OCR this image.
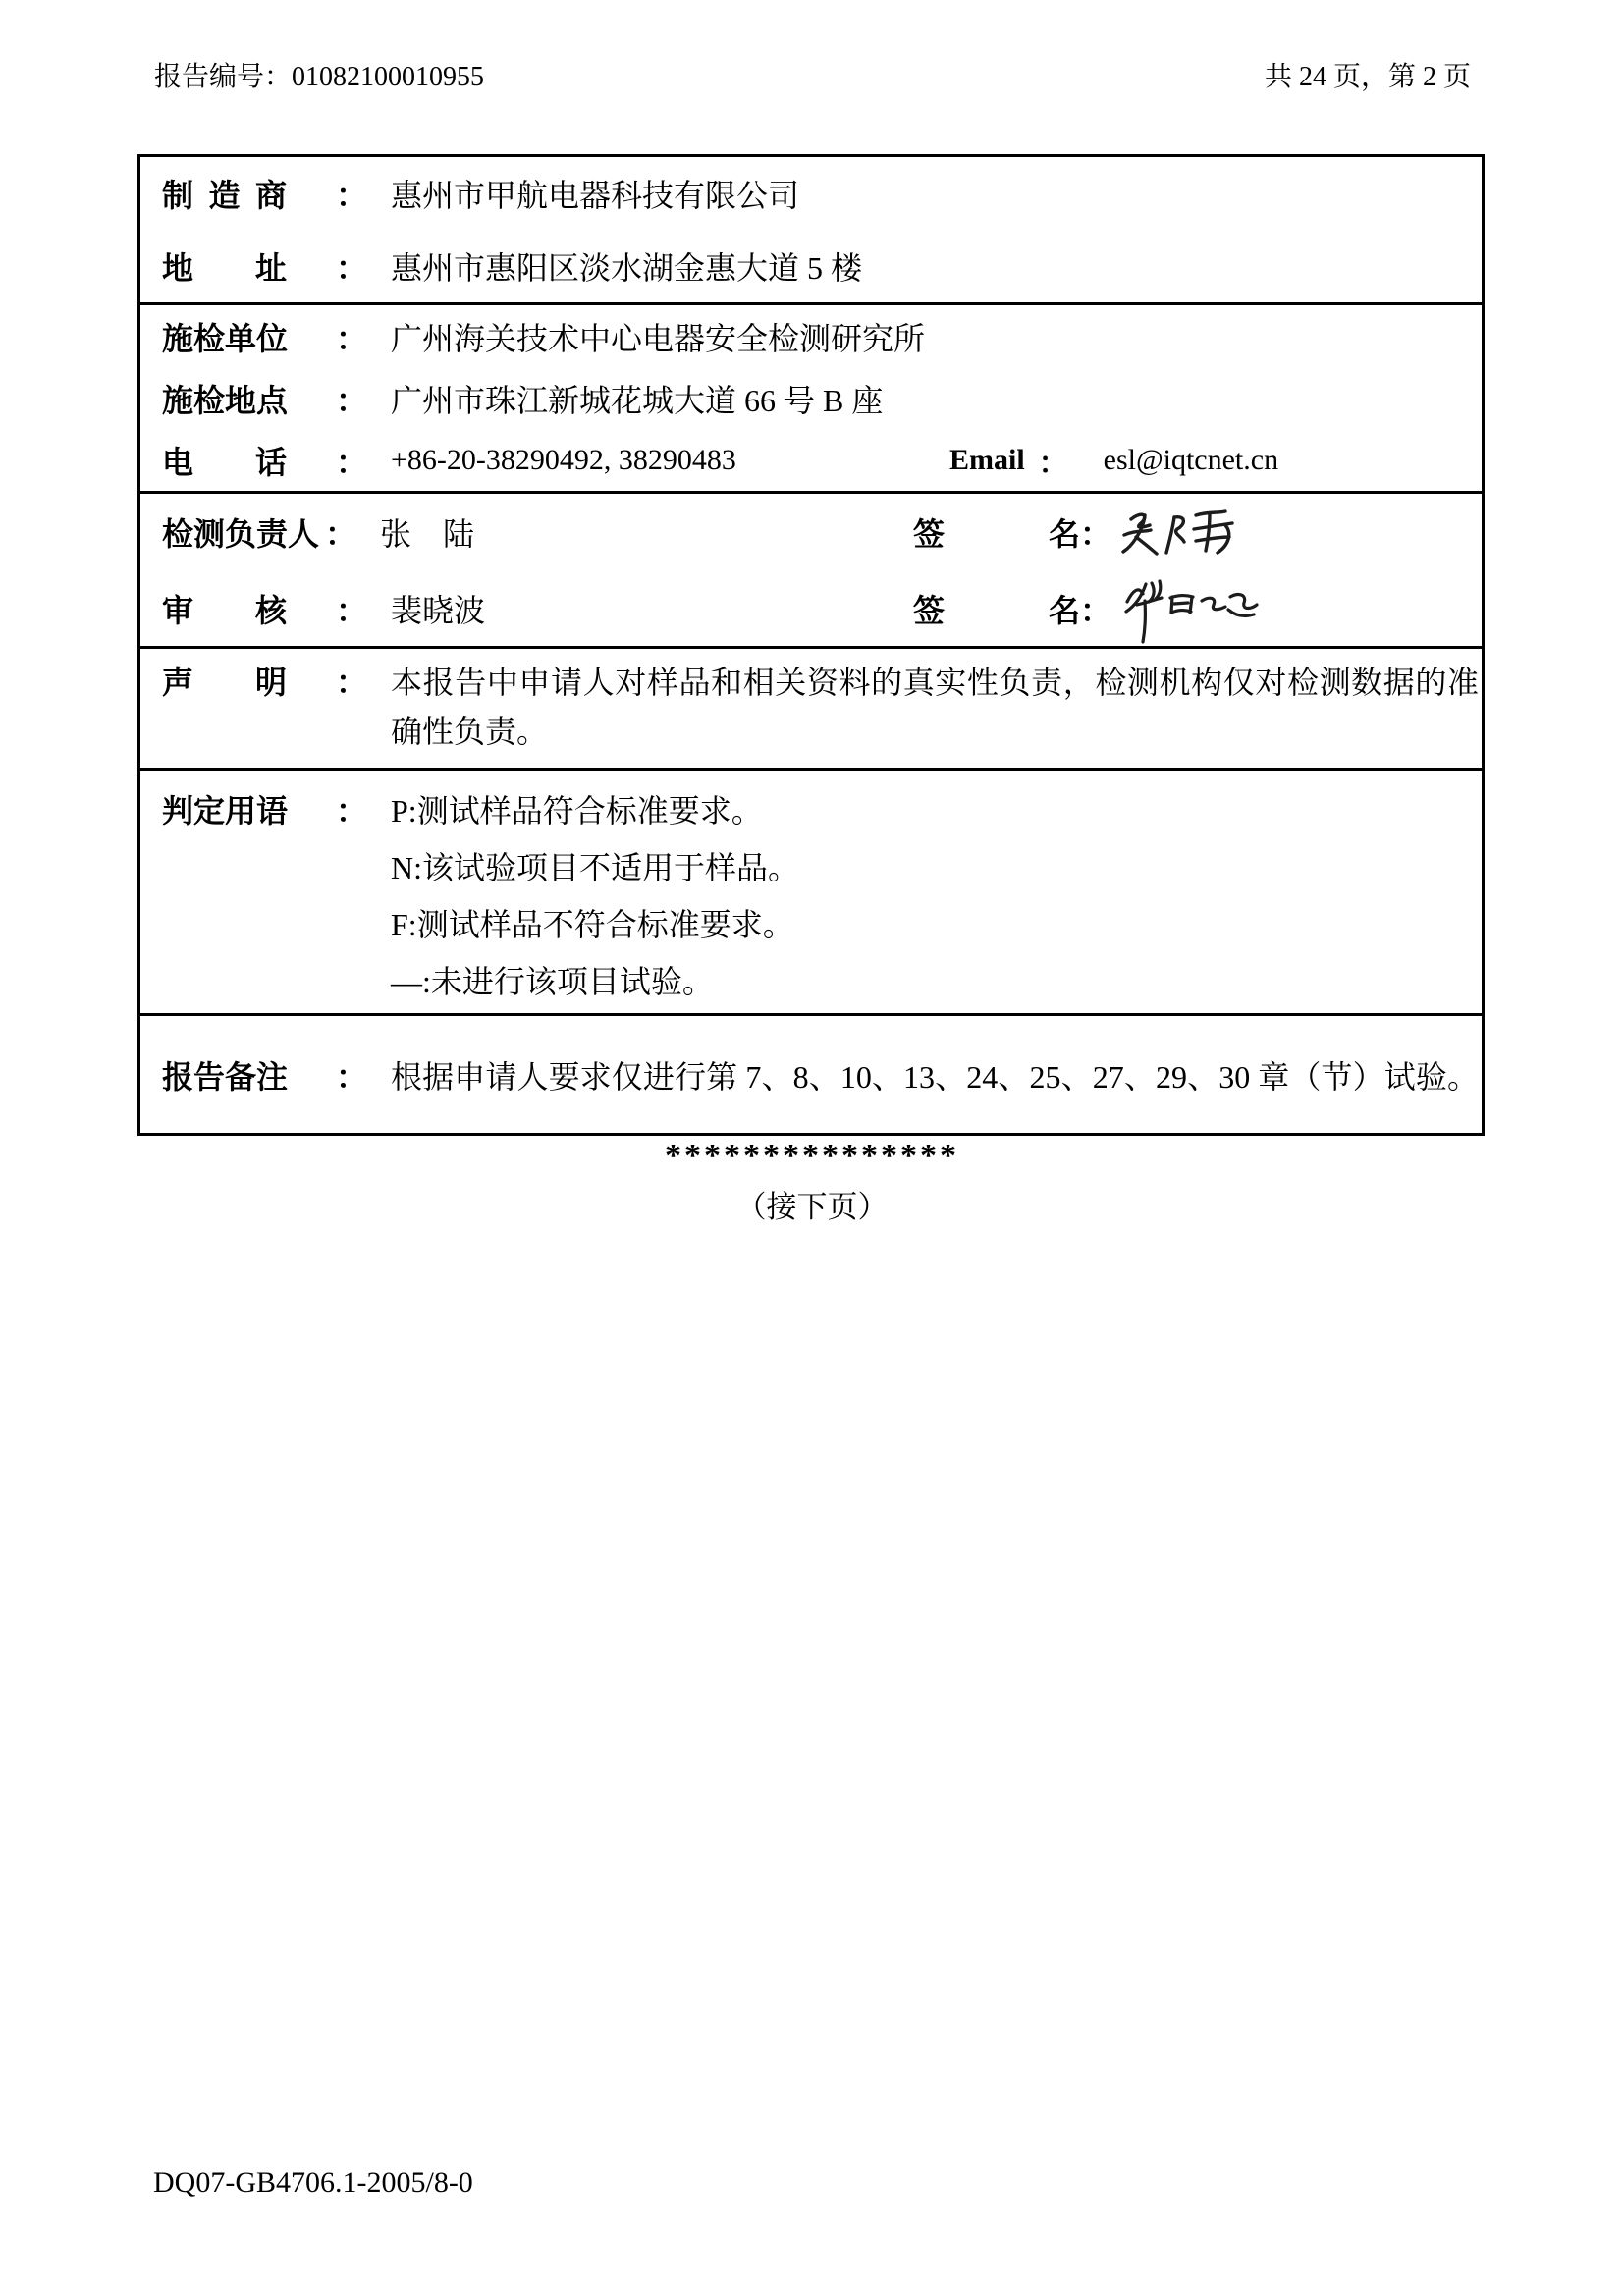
报告编号：01082100010955	共 24 页，第 2 页
制造商 ： 惠州市甲航电器科技有限公司
地址 ： 惠州市惠阳区淡水湖金惠大道 5 楼
施检单位 ： 广州海关技术中心电器安全检测研究所
施检地点 ： 广州市珠江新城花城大道 66 号 B 座
电话 ： +86-20-38290492, 38290483	Email ： esl@iqtcnet.cn
检测负责人 ： 张　陆	签名 ：
审核 ： 裴晓波	签名 ：
声明 ： 本报告中申请人对样品和相关资料的真实性负责，检测机构仅对检测数据的准确性负责。
判定用语 ： P:测试样品符合标准要求。
N:该试验项目不适用于样品。
F:测试样品不符合标准要求。
—:未进行该项目试验。
报告备注 ： 根据申请人要求仅进行第 7、8、10、13、24、25、27、29、30 章（节）试验。
***************
（接下页）
DQ07-GB4706.1-2005/8-0
